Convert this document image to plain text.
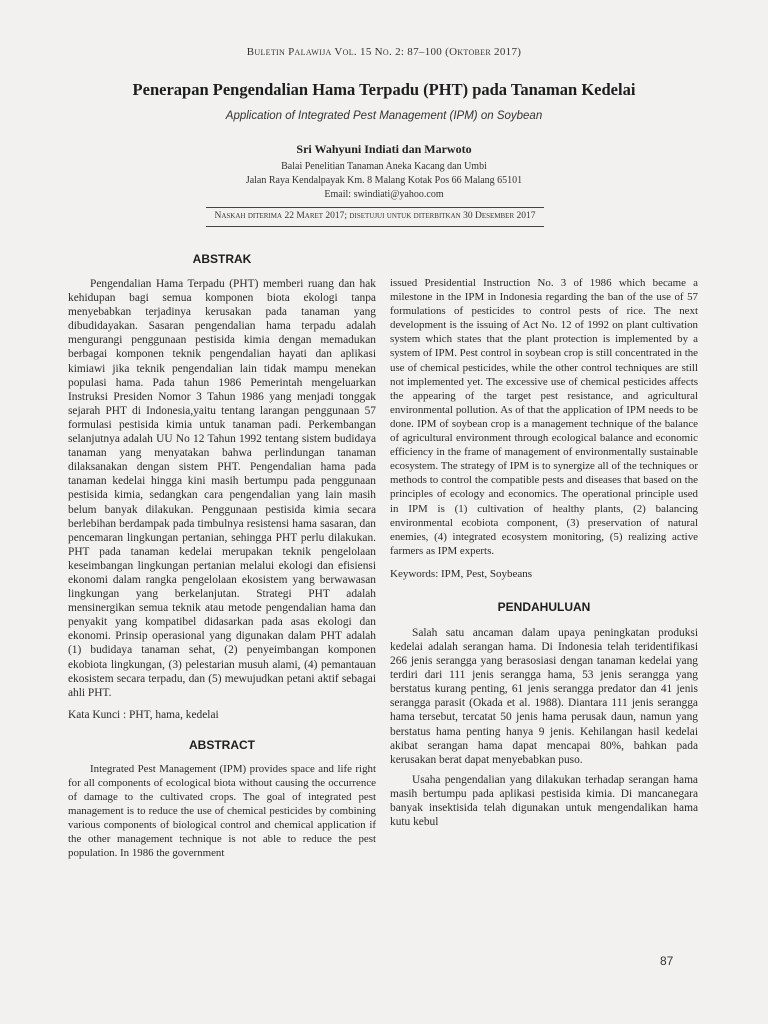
Buletin Palawija Vol. 15 No. 2: 87–100 (Oktober 2017)
Penerapan Pengendalian Hama Terpadu (PHT) pada Tanaman Kedelai
Application of Integrated Pest Management (IPM) on Soybean
Sri Wahyuni Indiati dan Marwoto
Balai Penelitian Tanaman Aneka Kacang dan Umbi
Jalan Raya Kendalpayak Km. 8 Malang Kotak Pos 66 Malang 65101
Email: swindiati@yahoo.com
Naskah diterima 22 Maret 2017; disetujui untuk diterbitkan 30 Desember 2017

ABSTRAK

Pengendalian Hama Terpadu (PHT) memberi ruang dan hak kehidupan bagi semua komponen biota ekologi tanpa menyebabkan terjadinya kerusakan pada tanaman yang dibudidayakan. Sasaran pengendalian hama terpadu adalah mengurangi penggunaan pestisida kimia dengan memadukan berbagai komponen teknik pengendalian hayati dan aplikasi kimiawi jika teknik pengendalian lain tidak mampu menekan populasi hama. Pada tahun 1986 Pemerintah mengeluarkan Instruksi Presiden Nomor 3 Tahun 1986 yang menjadi tonggak sejarah PHT di Indonesia,yaitu tentang larangan penggunaan 57 formulasi pestisida kimia untuk tanaman padi. Perkembangan selanjutnya adalah UU No 12 Tahun 1992 tentang sistem budidaya tanaman yang menyatakan bahwa perlindungan tanaman dilaksanakan dengan sistem PHT. Pengendalian hama pada tanaman kedelai hingga kini masih bertumpu pada penggunaan pestisida kimia, sedangkan cara pengendalian yang lain masih belum banyak dilakukan. Penggunaan pestisida kimia secara berlebihan berdampak pada timbulnya resistensi hama sasaran, dan pencemaran lingkungan pertanian, sehingga PHT perlu dilakukan. PHT pada tanaman kedelai merupakan teknik pengelolaan keseimbangan lingkungan pertanian melalui ekologi dan efisiensi ekonomi dalam rangka pengelolaan ekosistem yang berwawasan lingkungan yang berkelanjutan. Strategi PHT adalah mensinergikan semua teknik atau metode pengendalian hama dan penyakit yang kompatibel didasarkan pada asas ekologi dan ekonomi. Prinsip operasional yang digunakan dalam PHT adalah (1) budidaya tanaman sehat, (2) penyeimbangan komponen ekobiota lingkungan, (3) pelestarian musuh alami, (4) pemantauan ekosistem secara terpadu, dan (5) mewujudkan petani aktif sebagai ahli PHT.

Kata Kunci : PHT, hama, kedelai

ABSTRACT

Integrated Pest Management (IPM) provides space and life right for all components of ecological biota without causing the occurrence of damage to the cultivated crops. The goal of integrated pest management is to reduce the use of chemical pesticides by combining various components of biological control and chemical application if the other management technique is not able to reduce the pest population. In 1986 the government

issued Presidential Instruction No. 3 of 1986 which became a milestone in the IPM in Indonesia regarding the ban of the use of 57 formulations of pesticides to control pests of rice. The next development is the issuing of Act No. 12 of 1992 on plant cultivation system which states that the plant protection is implemented by a system of IPM. Pest control in soybean crop is still concentrated in the use of chemical pesticides, while the other control techniques are still not implemented yet. The excessive use of chemical pesticides affects the appearing of the target pest resistance, and agricultural environmental pollution. As of that the application of IPM needs to be done. IPM of soybean crop is a management technique of the balance of agricultural environment through ecological balance and economic efficiency in the frame of management of environmentally sustainable ecosystem. The strategy of IPM is to synergize all of the techniques or methods to control the compatible pests and diseases that based on the principles of ecology and economics. The operational principle used in IPM is (1) cultivation of healthy plants, (2) balancing environmental ecobiota component, (3) preservation of natural enemies, (4) integrated ecosystem monitoring, (5) realizing active farmers as IPM experts.

Keywords: IPM, Pest, Soybeans

PENDAHULUAN

Salah satu ancaman dalam upaya peningkatan produksi kedelai adalah serangan hama. Di Indonesia telah teridentifikasi 266 jenis serangga yang berasosiasi dengan tanaman kedelai yang terdiri dari 111 jenis serangga hama, 53 jenis serangga yang berstatus kurang penting, 61 jenis serangga predator dan 41 jenis serangga parasit (Okada et al. 1988). Diantara 111 jenis serangga hama tersebut, tercatat 50 jenis hama perusak daun, namun yang berstatus hama penting hanya 9 jenis. Kehilangan hasil kedelai akibat serangan hama dapat mencapai 80%, bahkan pada kerusakan berat dapat menyebabkan puso.

Usaha pengendalian yang dilakukan terhadap serangan hama masih bertumpu pada aplikasi pestisida kimia. Di mancanegara banyak insektisida telah digunakan untuk mengendalikan hama kutu kebul

87
